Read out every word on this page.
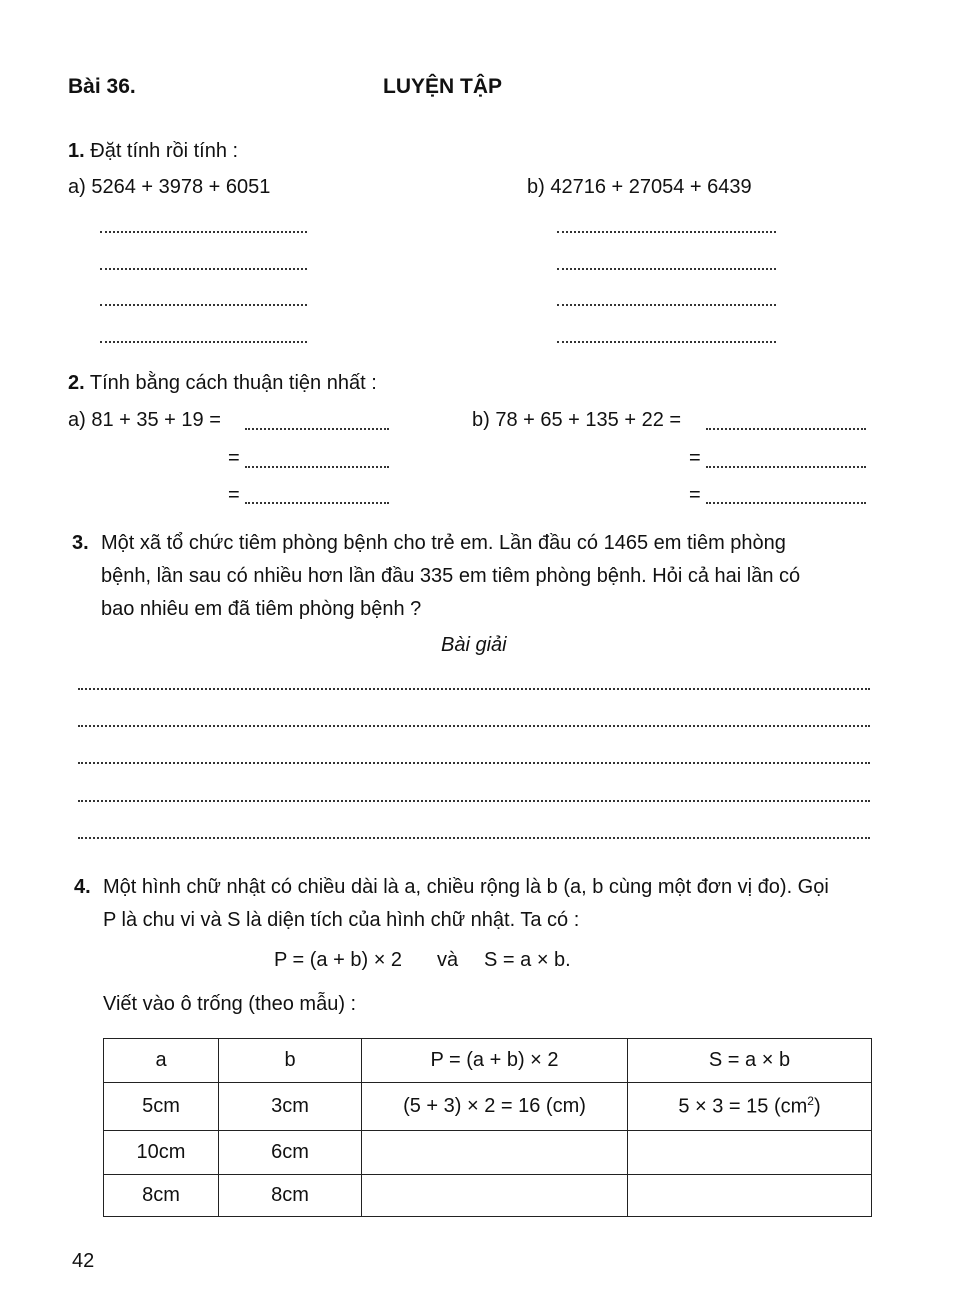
Bài 36.	LUYỆN TẬP
1. Đặt tính rồi tính :
a) 5264 + 3978 + 6051	b) 42716 + 27054 + 6439
2. Tính bằng cách thuận tiện nhất :
a) 81 + 35 + 19 =
=
=
b) 78 + 65 + 135 + 22 =
=
=
3. Một xã tổ chức tiêm phòng bệnh cho trẻ em. Lần đầu có 1465 em tiêm phòng
bệnh, lần sau có nhiều hơn lần đầu 335 em tiêm phòng bệnh. Hỏi cả hai lần có
bao nhiêu em đã tiêm phòng bệnh ?
Bài giải
4. Một hình chữ nhật có chiều dài là a, chiều rộng là b (a, b cùng một đơn vị đo). Gọi
P là chu vi và S là diện tích của hình chữ nhật. Ta có :
P = (a + b) × 2 và S = a × b.
Viết vào ô trống (theo mẫu) :
a	b	P = (a + b) × 2	S = a × b
5cm	3cm	(5 + 3) × 2 = 16 (cm)	5 × 3 = 15 $(cm^2)$
10cm	6cm		
8cm	8cm		
42
